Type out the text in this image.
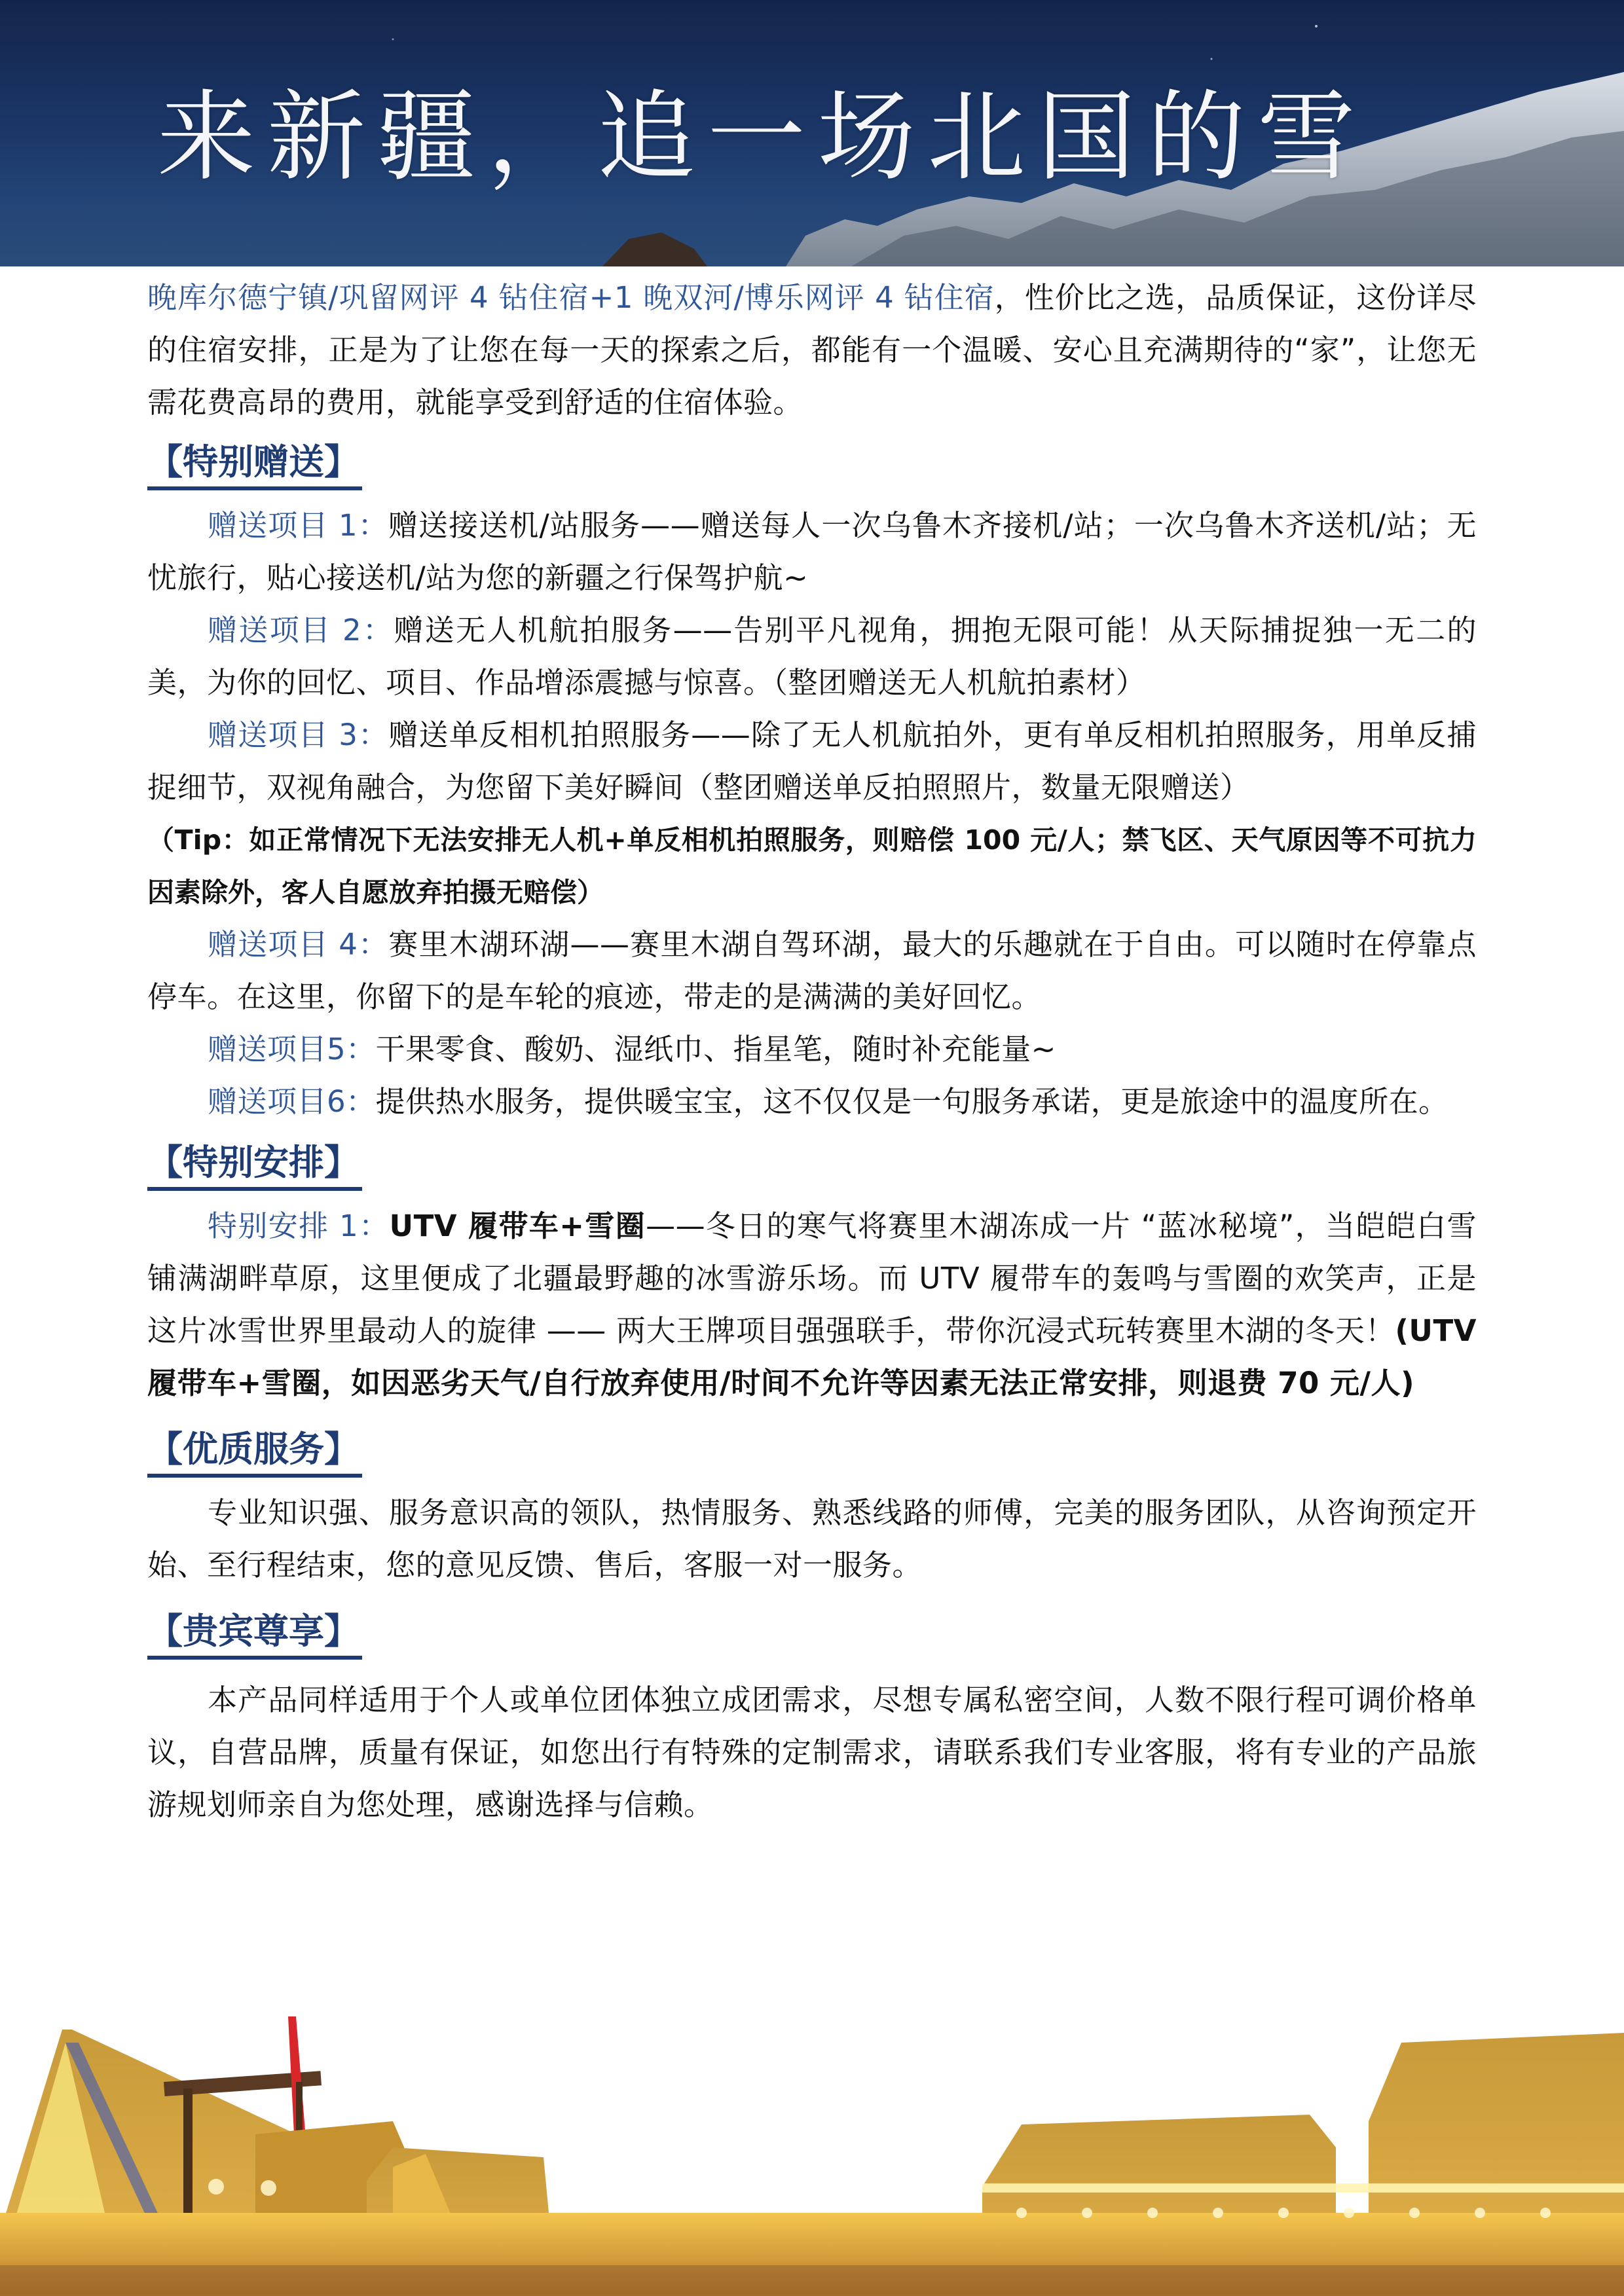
来新疆，追一场北国的雪

晚库尔德宁镇/巩留网评 4 钻住宿+1 晚双河/博乐网评 4 钻住宿，性价比之选，品质保证，这份详尽的住宿安排，正是为了让您在每一天的探索之后，都能有一个温暖、安心且充满期待的“家”，让您无需花费高昂的费用，就能享受到舒适的住宿体验。

【特别赠送】

赠送项目 1：赠送接送机/站服务——赠送每人一次乌鲁木齐接机/站；一次乌鲁木齐送机/站；无忧旅行，贴心接送机/站为您的新疆之行保驾护航~

赠送项目 2：赠送无人机航拍服务——告别平凡视角，拥抱无限可能！从天际捕捉独一无二的美，为你的回忆、项目、作品增添震撼与惊喜。（整团赠送无人机航拍素材）

赠送项目 3：赠送单反相机拍照服务——除了无人机航拍外，更有单反相机拍照服务，用单反捕捉细节，双视角融合，为您留下美好瞬间（整团赠送单反拍照照片，数量无限赠送）

（Tip：如正常情况下无法安排无人机+单反相机拍照服务，则赔偿 100 元/人；禁飞区、天气原因等不可抗力因素除外，客人自愿放弃拍摄无赔偿）

赠送项目 4：赛里木湖环湖——赛里木湖自驾环湖，最大的乐趣就在于自由。可以随时在停靠点停车。在这里，你留下的是车轮的痕迹，带走的是满满的美好回忆。

赠送项目5：干果零食、酸奶、湿纸巾、指星笔，随时补充能量~

赠送项目6：提供热水服务，提供暖宝宝，这不仅仅是一句服务承诺，更是旅途中的温度所在。

【特别安排】

特别安排 1：UTV 履带车+雪圈——冬日的寒气将赛里木湖冻成一片 “蓝冰秘境”，当皑皑白雪铺满湖畔草原，这里便成了北疆最野趣的冰雪游乐场。而 UTV 履带车的轰鸣与雪圈的欢笑声，正是这片冰雪世界里最动人的旋律 —— 两大王牌项目强强联手，带你沉浸式玩转赛里木湖的冬天！(UTV 履带车+雪圈，如因恶劣天气/自行放弃使用/时间不允许等因素无法正常安排，则退费 70 元/人)

【优质服务】

专业知识强、服务意识高的领队，热情服务、熟悉线路的师傅，完美的服务团队，从咨询预定开始、至行程结束，您的意见反馈、售后，客服一对一服务。

【贵宾尊享】

本产品同样适用于个人或单位团体独立成团需求，尽想专属私密空间，人数不限行程可调价格单议，自营品牌，质量有保证，如您出行有特殊的定制需求，请联系我们专业客服，将有专业的产品旅游规划师亲自为您处理，感谢选择与信赖。
